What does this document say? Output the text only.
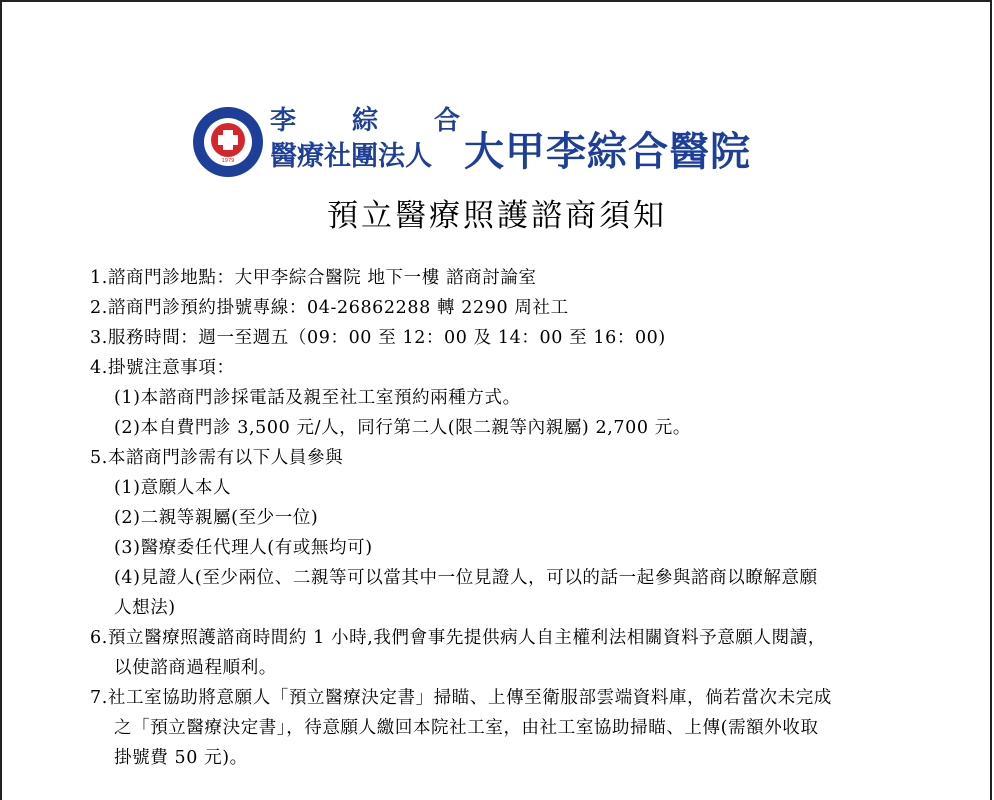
1979
李 綜 合
醫療社團法人 大甲李綜合醫院
預立醫療照護諮商須知
1.諮商門診地點：大甲李綜合醫院 地下一樓 諮商討論室
2.諮商門診預約掛號專線：04-26862288 轉 2290 周社工
3.服務時間：週一至週五（09：00 至 12：00 及 14：00 至 16：00)
4.掛號注意事項：
(1)本諮商門診採電話及親至社工室預約兩種方式。
(2)本自費門診 3,500 元/人，同行第二人(限二親等內親屬) 2,700 元。
5.本諮商門診需有以下人員參與
(1)意願人本人
(2)二親等親屬(至少一位)
(3)醫療委任代理人(有或無均可)
(4)見證人(至少兩位、二親等可以當其中一位見證人，可以的話一起參與諮商以瞭解意願
人想法)
6.預立醫療照護諮商時間約 1 小時,我們會事先提供病人自主權利法相關資料予意願人閱讀，
以使諮商過程順利。
7.社工室協助將意願人「預立醫療決定書」掃瞄、上傳至衛服部雲端資料庫，倘若當次未完成
之「預立醫療決定書」，待意願人繳回本院社工室，由社工室協助掃瞄、上傳(需額外收取
掛號費 50 元)。
